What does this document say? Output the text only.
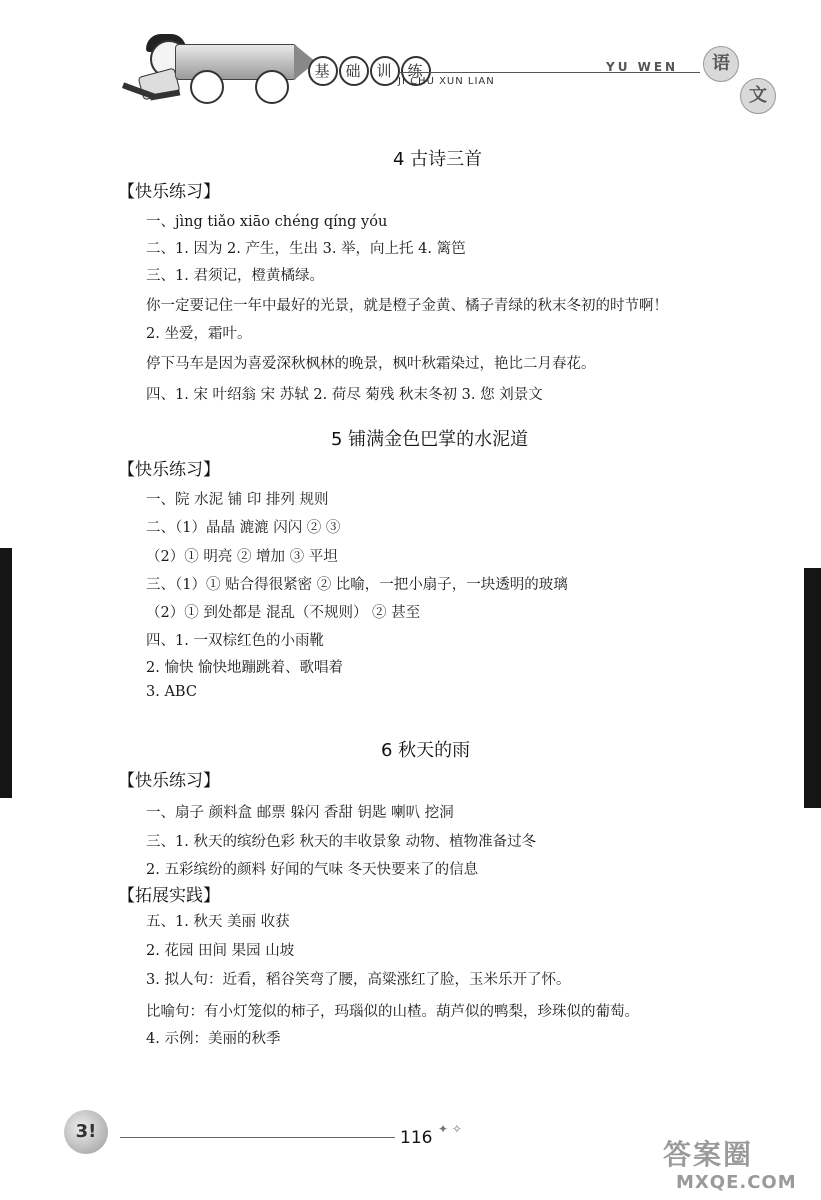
基 础 训 练
JI CHU XUN LIAN
YU WEN	语
文
4 古诗三首
【快乐练习】
一、jìng tiǎo xiāo chéng qíng yóu
二、1. 因为 2. 产生，生出 3. 举，向上托 4. 篱笆
三、1. 君须记，橙黄橘绿。
你一定要记住一年中最好的光景，就是橙子金黄、橘子青绿的秋末冬初的时节啊！
2. 坐爱，霜叶。
停下马车是因为喜爱深秋枫林的晚景，枫叶秋霜染过，艳比二月春花。
四、1. 宋 叶绍翁 宋 苏轼 2. 荷尽 菊残 秋末冬初 3. 您 刘景文
5 铺满金色巴掌的水泥道
【快乐练习】
一、院 水泥 铺 印 排列 规则
二、（1）晶晶 漉漉 闪闪 ② ③
（2）① 明亮 ② 增加 ③ 平坦
三、（1）① 贴合得很紧密 ② 比喻，一把小扇子，一块透明的玻璃
（2）① 到处都是 混乱（不规则） ② 甚至
四、1. 一双棕红色的小雨靴
2. 愉快 愉快地蹦跳着、歌唱着
3. ABC
6 秋天的雨
【快乐练习】
一、扇子 颜料盒 邮票 躲闪 香甜 钥匙 喇叭 挖洞
三、1. 秋天的缤纷色彩 秋天的丰收景象 动物、植物准备过冬
2. 五彩缤纷的颜料 好闻的气味 冬天快要来了的信息
【拓展实践】
五、1. 秋天 美丽 收获
2. 花园 田间 果园 山坡
3. 拟人句：近看，稻谷笑弯了腰，高粱涨红了脸，玉米乐开了怀。
比喻句：有小灯笼似的柿子，玛瑙似的山楂。葫芦似的鸭梨，珍珠似的葡萄。
4. 示例：美丽的秋季
3!	116 ✦ ✧
答案圈
MXQE.COM
